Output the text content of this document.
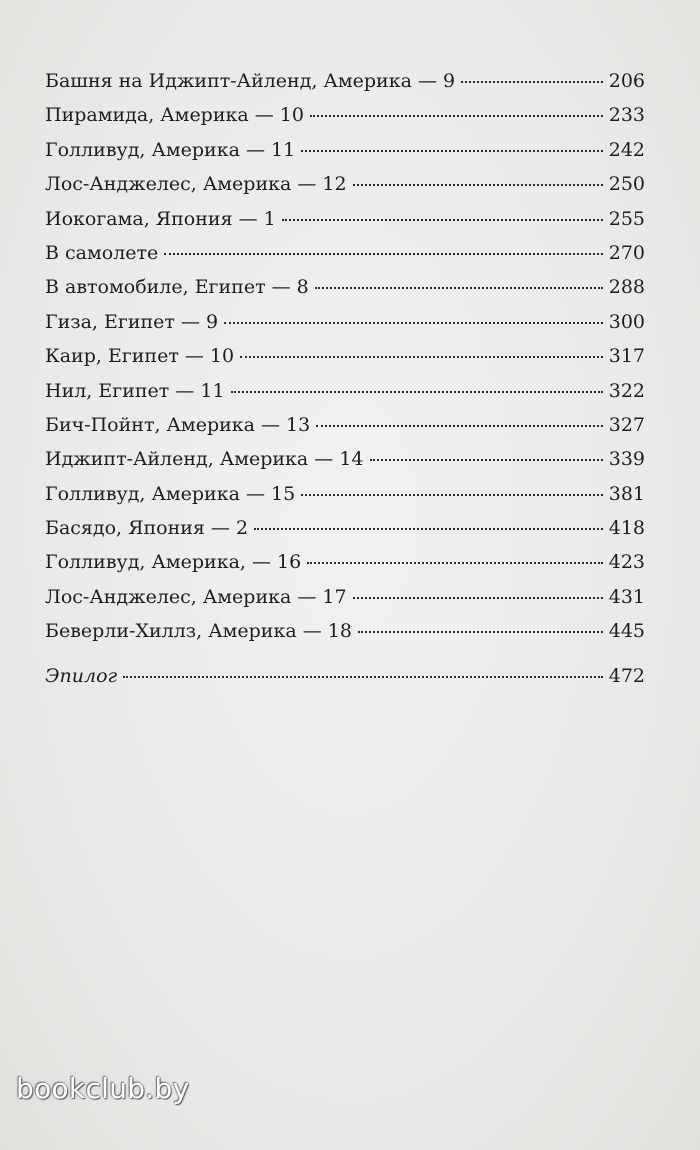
Башня на Иджипт-Айленд, Америка — 9	206
Пирамида, Америка — 10	233
Голливуд, Америка — 11	242
Лос-Анджелес, Америка — 12	250
Иокогама, Япония — 1	255
В самолете	270
В автомобиле, Египет — 8	288
Гиза, Египет — 9	300
Каир, Египет — 10	317
Нил, Египет — 11	322
Бич-Пойнт, Америка — 13	327
Иджипт-Айленд, Америка — 14	339
Голливуд, Америка — 15	381
Басядо, Япония — 2	418
Голливуд, Америка, — 16	423
Лос-Анджелес, Америка — 17	431
Беверли-Хиллз, Америка — 18	445
Эпилог	472
bookclub.by
